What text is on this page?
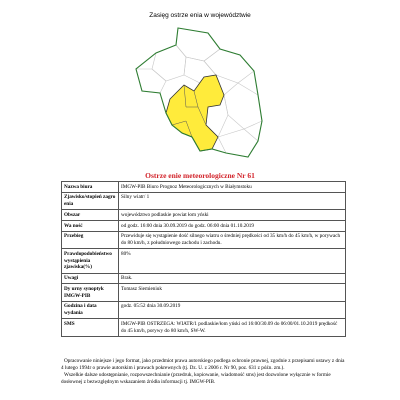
Zasięg ostrze enia w województwie
Ostrze enie meteorologiczne Nr 61
Nazwa biura	IMGW-PIB Biuro Prognoz Meteorologicznych w Białymstoku
Zjawisko/stopień zagro enia	Silny wiatr/ 1
Obszar	województwo podlaskie powiat łom yński
Wa ność	od godz. 16:00 dnia 30.09.2019 do godz. 06:00 dnia 01.10.2019
Przebieg	Przewiduje się wystąpienie dość silnego wiatru o średniej prędkości od 35 km/h do 45 km/h, w porywach do 80 km/h, z południowego zachodu i zachodu.
Prawdopodobieństwo wystąpienia zjawiska(%)	80%
Uwagi	Brak.
Dy urny synoptyk IMGW-PIB	Tomasz Siemieniuk
Godzina i data wydania	godz. 05:52 dnia 30.09.2019
SMS	IMGW-PIB OSTRZEGA: WIATR/1 podlaskie/łom yński od 16:00/30.09 do 06:00/01.10.2019 prędkość do 45 km/h, porywy do 80 km/h, SW-W.

Opracowanie niniejsze i jego format, jako przedmiot prawa autorskiego podlega ochronie prawnej, zgodnie z przepisami ustawy z dnia 4 lutego 1994r o prawie autorskim i prawach pokrewnych (tj. Dz. U. z 2006 r. Nr 90, poz. 631 z późn. zm.).

Wszelkie dalsze udostępnianie, rozpowszechnianie (przedruk, kopiowanie, wiadomość sms) jest dozwolone wyłącznie w formie dosłownej z bezwzględnym wskazaniem źródła informacji tj. IMGW-PIB.
